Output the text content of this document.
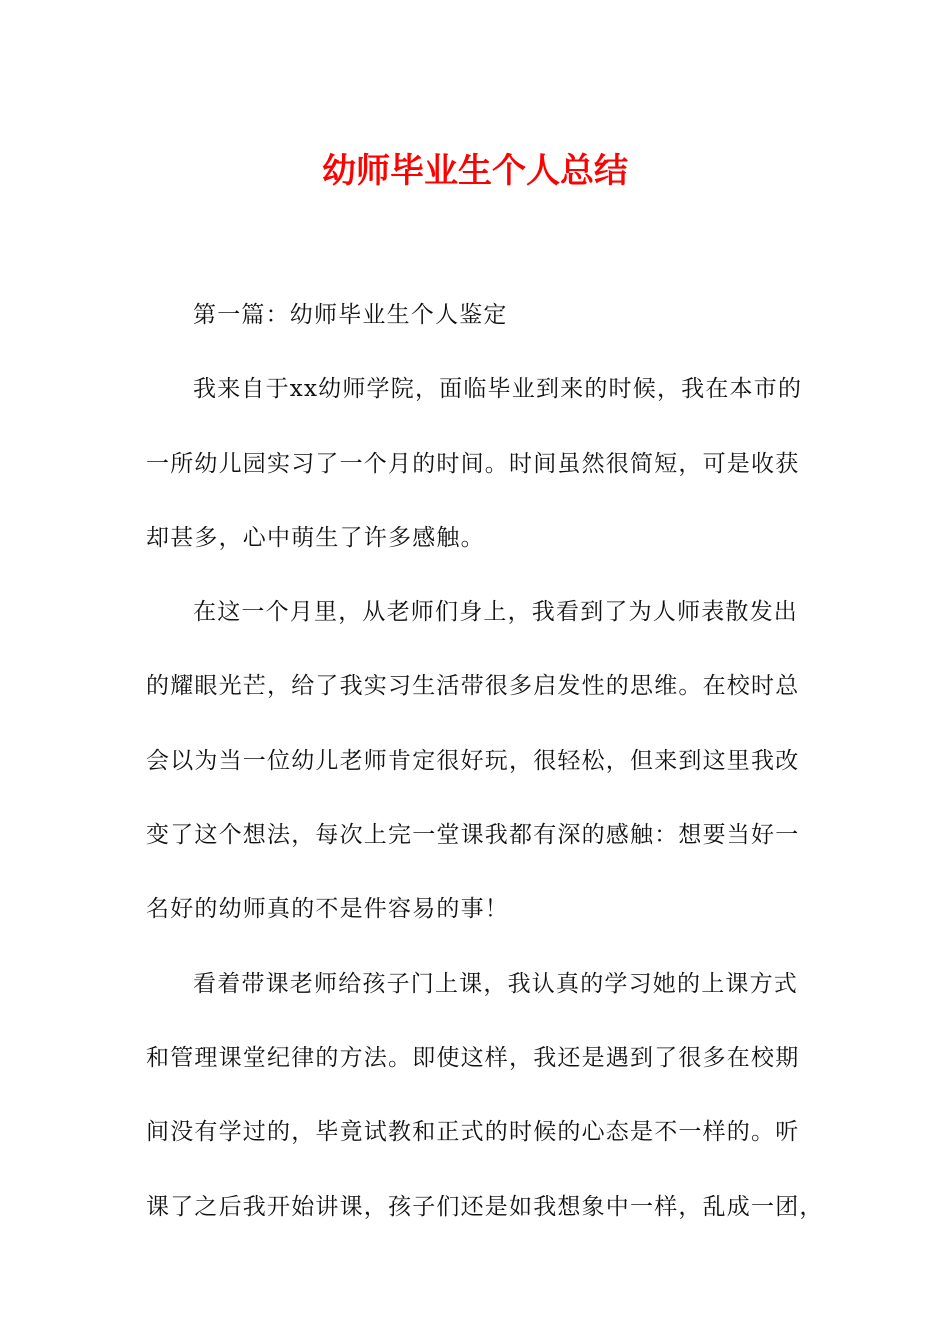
幼师毕业生个人总结

第一篇：幼师毕业生个人鉴定

我来自于xx幼师学院，面临毕业到来的时候，我在本市的
一所幼儿园实习了一个月的时间。时间虽然很简短，可是收获
却甚多，心中萌生了许多感触。

在这一个月里，从老师们身上，我看到了为人师表散发出
的耀眼光芒，给了我实习生活带很多启发性的思维。在校时总
会以为当一位幼儿老师肯定很好玩，很轻松，但来到这里我改
变了这个想法，每次上完一堂课我都有深的感触：想要当好一
名好的幼师真的不是件容易的事！

看着带课老师给孩子门上课，我认真的学习她的上课方式
和管理课堂纪律的方法。即使这样，我还是遇到了很多在校期
间没有学过的，毕竟试教和正式的时候的心态是不一样的。听
课了之后我开始讲课，孩子们还是如我想象中一样，乱成一团，
